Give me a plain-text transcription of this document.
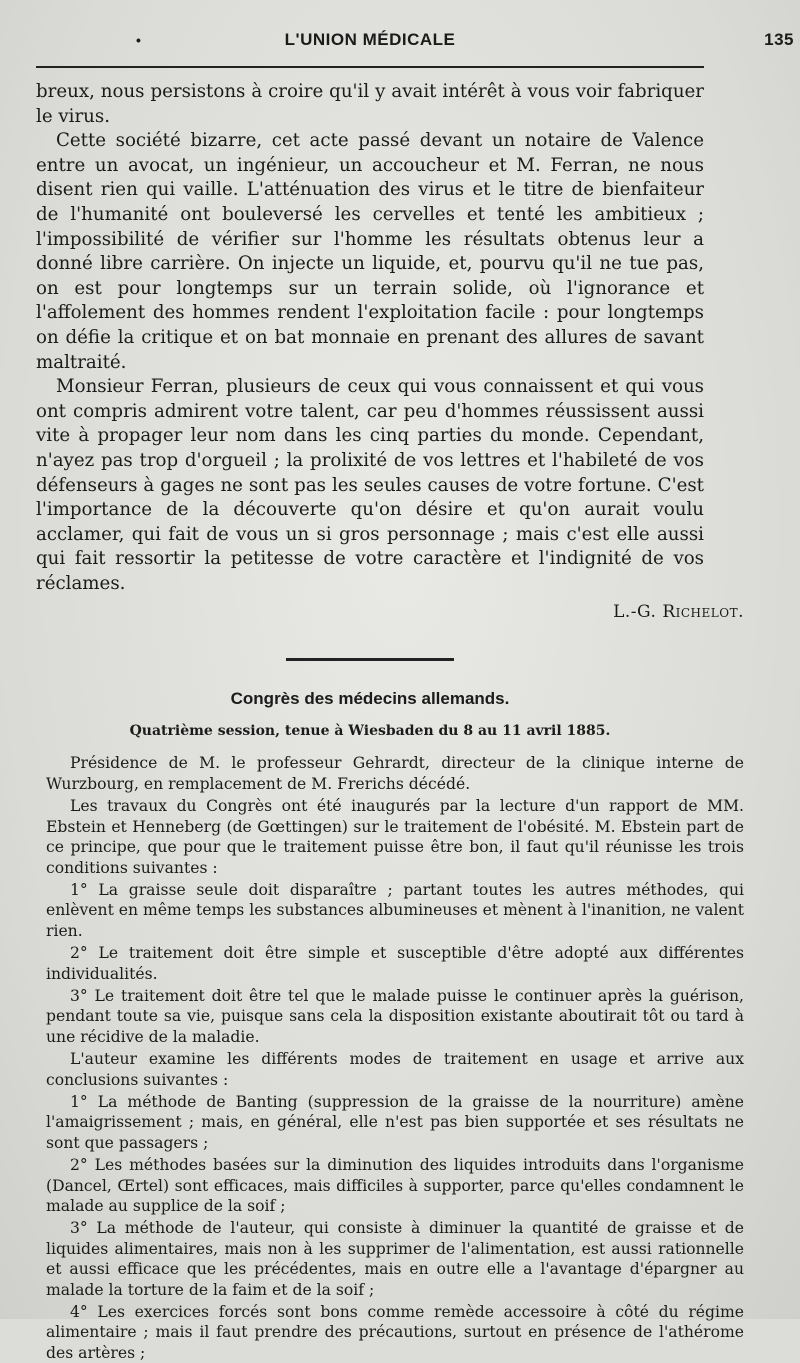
•	L'UNION MÉDICALE	135

breux, nous persistons à croire qu'il y avait intérêt à vous voir fabriquer le virus.

Cette société bizarre, cet acte passé devant un notaire de Valence entre un avocat, un ingénieur, un accoucheur et M. Ferran, ne nous disent rien qui vaille. L'atténuation des virus et le titre de bienfaiteur de l'humanité ont bouleversé les cervelles et tenté les ambitieux ; l'impossibilité de vérifier sur l'homme les résultats obtenus leur a donné libre carrière. On injecte un liquide, et, pourvu qu'il ne tue pas, on est pour longtemps sur un terrain solide, où l'ignorance et l'affolement des hommes rendent l'exploitation facile : pour longtemps on défie la critique et on bat monnaie en prenant des allures de savant maltraité.

Monsieur Ferran, plusieurs de ceux qui vous connaissent et qui vous ont compris admirent votre talent, car peu d'hommes réussissent aussi vite à propager leur nom dans les cinq parties du monde. Cependant, n'ayez pas trop d'orgueil ; la prolixité de vos lettres et l'habileté de vos défenseurs à gages ne sont pas les seules causes de votre fortune. C'est l'importance de la découverte qu'on désire et qu'on aurait voulu acclamer, qui fait de vous un si gros personnage ; mais c'est elle aussi qui fait ressortir la petitesse de votre caractère et l'indignité de vos réclames.

L.-G. Richelot.
Congrès des médecins allemands.
Quatrième session, tenue à Wiesbaden du 8 au 11 avril 1885.

Présidence de M. le professeur Gehrardt, directeur de la clinique interne de Wurzbourg, en remplacement de M. Frerichs décédé.

Les travaux du Congrès ont été inaugurés par la lecture d'un rapport de MM. Ebstein et Henneberg (de Gœttingen) sur le traitement de l'obésité. M. Ebstein part de ce principe, que pour que le traitement puisse être bon, il faut qu'il réunisse les trois conditions suivantes :

1° La graisse seule doit disparaître ; partant toutes les autres méthodes, qui enlèvent en même temps les substances albumineuses et mènent à l'inanition, ne valent rien.

2° Le traitement doit être simple et susceptible d'être adopté aux différentes individualités.

3° Le traitement doit être tel que le malade puisse le continuer après la guérison, pendant toute sa vie, puisque sans cela la disposition existante aboutirait tôt ou tard à une récidive de la maladie.

L'auteur examine les différents modes de traitement en usage et arrive aux conclusions suivantes :

1° La méthode de Banting (suppression de la graisse de la nourriture) amène l'amaigrissement ; mais, en général, elle n'est pas bien supportée et ses résultats ne sont que passagers ;

2° Les méthodes basées sur la diminution des liquides introduits dans l'organisme (Dancel, Œrtel) sont efficaces, mais difficiles à supporter, parce qu'elles condamnent le malade au supplice de la soif ;

3° La méthode de l'auteur, qui consiste à diminuer la quantité de graisse et de liquides alimentaires, mais non à les supprimer de l'alimentation, est aussi rationnelle et aussi efficace que les précédentes, mais en outre elle a l'avantage d'épargner au malade la torture de la faim et de la soif ;

4° Les exercices forcés sont bons comme remède accessoire à côté du régime alimentaire ; mais il faut prendre des précautions, surtout en présence de l'athérome des artères ;
